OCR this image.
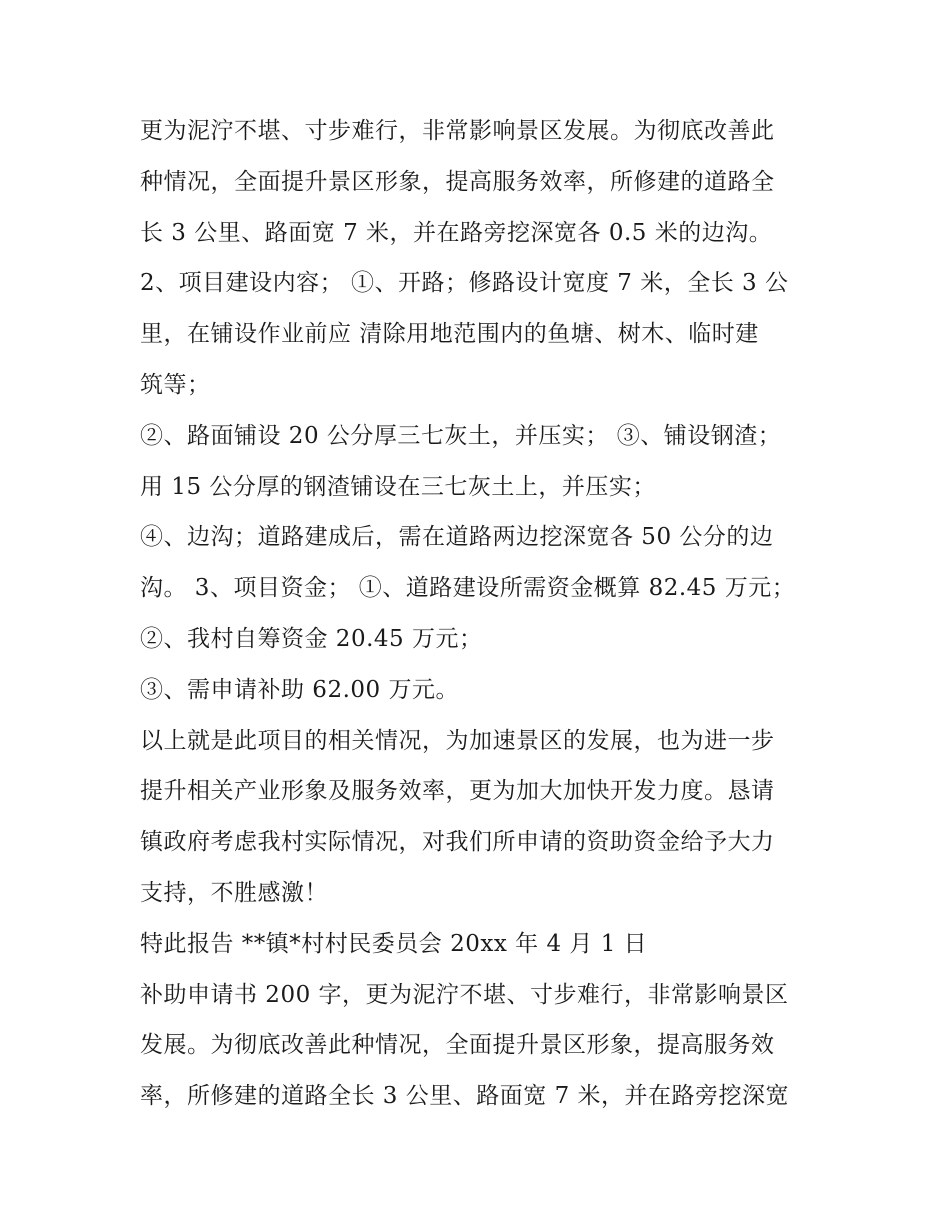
更为泥泞不堪、寸步难行，非常影响景区发展。为彻底改善此
种情况，全面提升景区形象，提高服务效率，所修建的道路全
长 3 公里、路面宽 7 米，并在路旁挖深宽各 0.5 米的边沟。
2、项目建设内容； ①、开路；修路设计宽度 7 米，全长 3 公
里，在铺设作业前应 清除用地范围内的鱼塘、树木、临时建
筑等；
②、路面铺设 20 公分厚三七灰土，并压实； ③、铺设钢渣；
用 15 公分厚的钢渣铺设在三七灰土上，并压实；
④、边沟；道路建成后，需在道路两边挖深宽各 50 公分的边
沟。 3、项目资金； ①、道路建设所需资金概算 82.45 万元；
②、我村自筹资金 20.45 万元；
③、需申请补助 62.00 万元。
以上就是此项目的相关情况，为加速景区的发展，也为进一步
提升相关产业形象及服务效率，更为加大加快开发力度。恳请
镇政府考虑我村实际情况，对我们所申请的资助资金给予大力
支持，不胜感激！
特此报告 **镇*村村民委员会 20xx 年 4 月 1 日
补助申请书 200 字，更为泥泞不堪、寸步难行，非常影响景区
发展。为彻底改善此种情况，全面提升景区形象，提高服务效
率，所修建的道路全长 3 公里、路面宽 7 米，并在路旁挖深宽
